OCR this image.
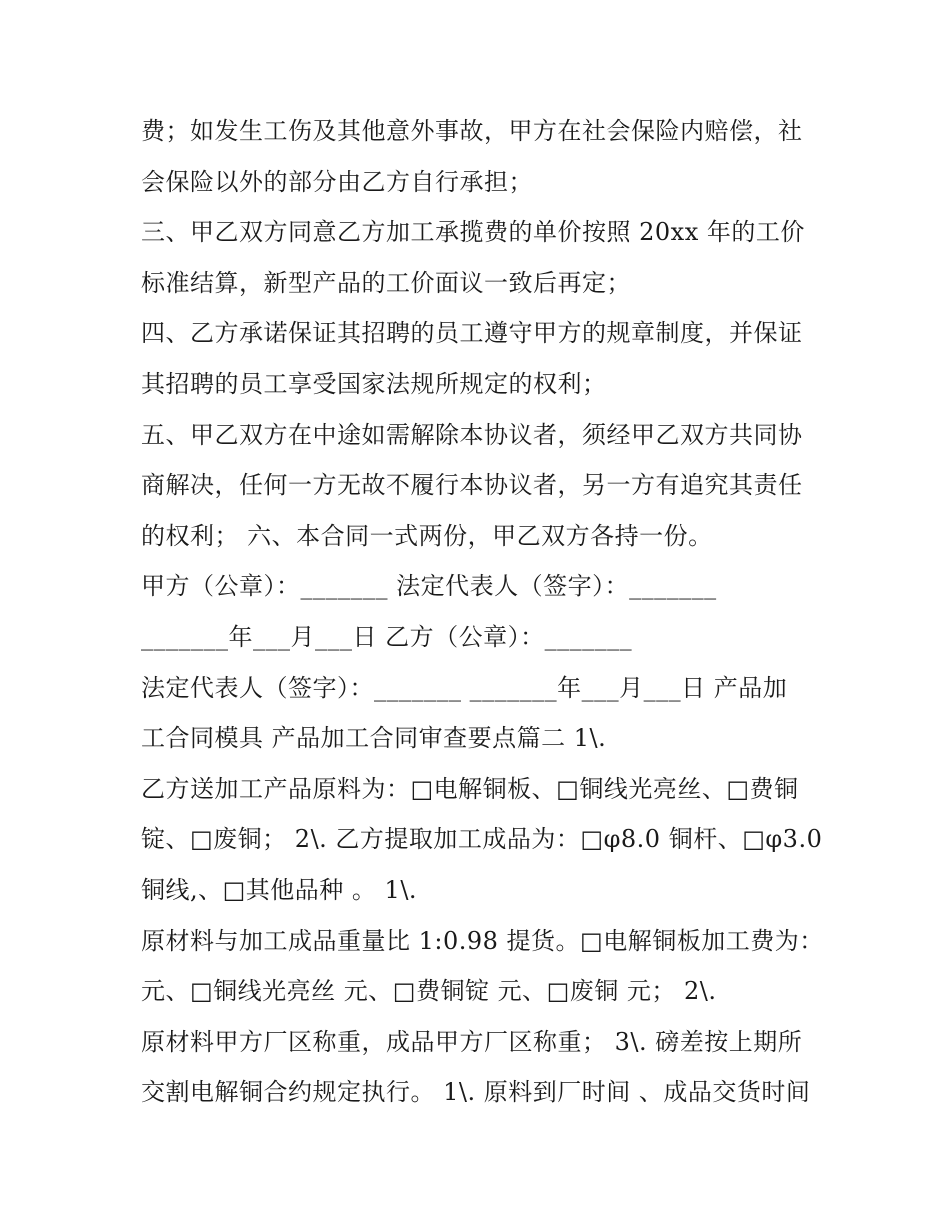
费；如发生工伤及其他意外事故，甲方在社会保险内赔偿，社
会保险以外的部分由乙方自行承担；
三、甲乙双方同意乙方加工承揽费的单价按照 20xx 年的工价
标准结算，新型产品的工价面议一致后再定；
四、乙方承诺保证其招聘的员工遵守甲方的规章制度，并保证
其招聘的员工享受国家法规所规定的权利；
五、甲乙双方在中途如需解除本协议者，须经甲乙双方共同协
商解决，任何一方无故不履行本协议者，另一方有追究其责任
的权利； 六、本合同一式两份，甲乙双方各持一份。
甲方（公章）：_______ 法定代表人（签字）：_______
_______年___月___日 乙方（公章）：_______
法定代表人（签字）：_______ _______年___月___日 产品加
工合同模具 产品加工合同审查要点篇二 1\.
乙方送加工产品原料为：□电解铜板、□铜线光亮丝、□费铜
锭、□废铜； 2\. 乙方提取加工成品为：□φ8.0 铜杆、□φ3.0
铜线,、□其他品种 。 1\.
原材料与加工成品重量比 1:0.98 提货。□电解铜板加工费为：
元、□铜线光亮丝 元、□费铜锭 元、□废铜 元； 2\.
原材料甲方厂区称重，成品甲方厂区称重； 3\. 磅差按上期所
交割电解铜合约规定执行。 1\. 原料到厂时间 、成品交货时间
